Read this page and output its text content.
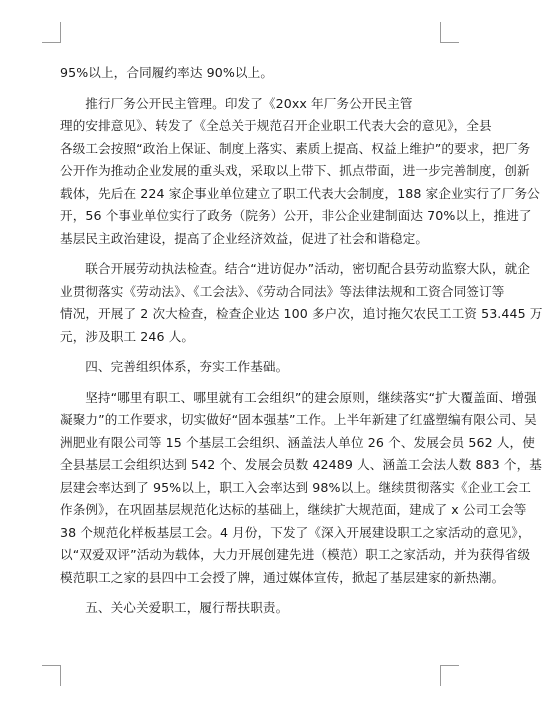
95%以上，合同履约率达 90%以上。

推行厂务公开民主管理。印发了《20xx 年厂务公开民主管
理的安排意见》、转发了《全总关于规范召开企业职工代表大会的意见》，全县
各级工会按照“政治上保证、制度上落实、素质上提高、权益上维护”的要求，把厂务
公开作为推动企业发展的重头戏，采取以上带下、抓点带面，进一步完善制度，创新
载体，先后在 224 家企事业单位建立了职工代表大会制度，188 家企业实行了厂务公
开，56 个事业单位实行了政务（院务）公开，非公企业建制面达 70%以上，推进了
基层民主政治建设，提高了企业经济效益，促进了社会和谐稳定。

联合开展劳动执法检查。结合“进访促办”活动，密切配合县劳动监察大队，就企
业贯彻落实《劳动法》、《工会法》、《劳动合同法》等法律法规和工资合同签订等
情况，开展了 2 次大检查，检查企业达 100 多户次，追讨拖欠农民工工资 53.445 万
元，涉及职工 246 人。

四、完善组织体系，夯实工作基础。

坚持“哪里有职工、哪里就有工会组织”的建会原则，继续落实“扩大覆盖面、增强
凝聚力”的工作要求，切实做好“固本强基”工作。上半年新建了红盛塑编有限公司、吴
洲肥业有限公司等 15 个基层工会组织、涵盖法人单位 26 个、发展会员 562 人，使
全县基层工会组织达到 542 个、发展会员数 42489 人、涵盖工会法人数 883 个，基
层建会率达到了 95%以上，职工入会率达到 98%以上。继续贯彻落实《企业工会工
作条例》，在巩固基层规范化达标的基础上，继续扩大规范面，建成了 x 公司工会等
38 个规范化样板基层工会。4 月份，下发了《深入开展建设职工之家活动的意见》，
以“双爱双评”活动为载体，大力开展创建先进（模范）职工之家活动，并为获得省级
模范职工之家的县四中工会授了牌，通过媒体宣传，掀起了基层建家的新热潮。

五、关心关爱职工，履行帮扶职责。
